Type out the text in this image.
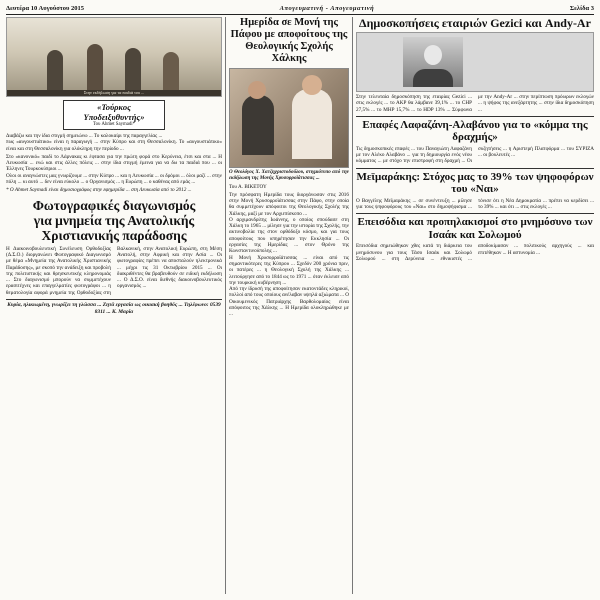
Δευτέρα 10 Αυγούστου 2015	Απογευματινή - Απογευματινή	Σελίδα 3
Στην εκδήλωση για τα παιδιά του ...
«Τούρκος Υποδειξυθυντής»
Του Ahmet Saymadi*
Διαβάζω και την ίδια στιγμή σημειώνω ... Το καλοκαίρι της παραγγελίας ...
πως «αυγουστιάτικο» είναι η παραγωγή ... στην Κύπρο και στη Θεσσαλονίκη. Το «αυγουστιάτικο» είναι και στη Θεσσαλονίκη για ολόκληρη την περίοδο ...
Στο «κανονικό» παιδί το Λάρνακας κι έφτασα για την πρώτη φορά στο Κερύνεια, έτσι και στα ... Η Λευκωσία ... ενώ και στις άλλες πόλεις ... στην ίδια στιγμή έμεινα για να δω τα παιδιά που ... οι Έλληνες Τουρκοκύπριοι ...
Ολοι οι αναγνώστες μας γνωρίζουμε ... στην Κύπρο ... και η Λευκωσία ... οι δρόμοι ... όλοι μαζί ... στην πόλη ... κι αυτό ... δεν είναι εύκολο ... ο Οργανισμός ... η Ευρώπη ... ο καθένας από εμάς ...
* Ο Ahmet Saymadi είναι δημοσιογράφος στην εφημερίδα ... στη Λευκωσία από το 2012 ...
Φωτογραφικές διαγωνισμός
για μνημεία της Ανατολικής Χριστιανικής παράδοσης
Η Διακοινοβουλευτική Συνέλευση Ορθοδοξίας (Δ.Σ.Ο.) διοργανώνει Φωτογραφικό Διαγωνισμό με θέμα «Μνημεία της Ανατολικής Χριστιανικής Παράδοσης», με σκοπό την ανάδειξη και προβολή της πολιτιστικής και θρησκευτικής κληρονομιάς ... Στο διαγωνισμό μπορούν να συμμετέχουν ερασιτέχνες και επαγγελματίες φωτογράφοι ... η θεματολογία αφορά μνημεία της Ορθοδοξίας στη Βαλκανική, στην Ανατολική Ευρώπη, στη Μέση Ανατολή, στην Αφρική και στην Ασία ... Οι φωτογραφίες πρέπει να αποσταλούν ηλεκτρονικά ... μέχρι τις 31 Οκτωβρίου 2015 ... Οι διακριθέντες θα βραβευθούν σε ειδική εκδήλωση ... Ο Δ.Σ.Ο. είναι διεθνής διακοινοβουλευτικός οργανισμός ...
Κυρία, ηλικιωμένη, γνωρίζει τη γλώσσα ... Ζητά εργασία ως οικιακή βοηθός ... Τηλέφωνο: 0539 8311 ... Κ. Μαρία
Ημερίδα σε Μονή της Πάφου με αποφοίτους της Θεολογικής Σχολής Χάλκης
Ο Θεολόγος Χ. Χατζηχριστοδούλου, στιγμιότυπο από την εκδήλωση της Μονής Χρυσορροϊάτισσας ...
Του Α. ΒΙΚΕΤΟΥ
Την πρόσφατη Ημερίδα τους διοργάνωσαν στις 2016 στην Μονή Χρυσορροϊάτισσας στην Πάφο, στην οποία θα συμμετέχουν απόφοιτοι της Θεολογικής Σχολής της Χάλκης, μαζί με τον Αρχιεπίσκοπο ...
Ο αρχιμανδρίτης Ιωάννης, ο οποίος σπούδασε στη Χάλκη το 1965 ... μίλησε για την ιστορία της Σχολής, την ακτινοβολία της στον ορθόδοξο κόσμο, και για τους αποφοίτους που υπηρέτησαν την Εκκλησία ... Οι εργασίες της Ημερίδας ... στον Θρόνο της Κωνσταντινούπολης ...
Η Μονή Χρυσορροϊάτισσας ... είναι από τις σημαντικότερες της Κύπρου ... Σχεδόν 200 χρόνια πριν, οι πατέρες ... η Θεολογική Σχολή της Χάλκης ... λειτούργησε από το 1844 ως το 1971 ... όταν έκλεισε από την τουρκική κυβέρνηση ...
Από την ίδρυσή της αποφοίτησαν εκατοντάδες κληρικοί, πολλοί από τους οποίους ανέλαβαν υψηλά αξιώματα ... Ο Οικουμενικός Πατριάρχης Βαρθολομαίος είναι απόφοιτος της Χάλκης ... Η Ημερίδα ολοκληρώθηκε με ...
Δημοσκοπήσεις εταιριών Gezici και Andy-Ar
Στην τελευταία δημοσκόπηση της εταιρίας Gezici ... στις εκλογές ... το ΑΚΡ θα λάμβανε 39,1% ... το CHP 27,5% ... το MHP 15,7% ... το HDP 13% ... Σύμφωνα με την Andy-Ar ... στην περίπτωση πρόωρων εκλογών ... η ψήφος της ανεξάρτητης ... στην ίδια δημοσκόπηση ...
Επαφές Λαφαζάνη-Αλαβάνου για το «κόμμα της δραχμής»
Τις δημοσκοπικές επαφές ... του Παναγιώτη Λαφαζάνη με τον Αλέκο Αλαβάνο ... για τη δημιουργία ενός νέου κόμματος ... με στόχο την επιστροφή στη δραχμή ... Οι συζητήσεις ... η Αριστερή Πλατφόρμα ... του ΣΥΡΙΖΑ ... οι βουλευτές ...
Μεϊμαράκης: Στόχος μας το 39% των ψηφοφόρων του «Ναι»
Ο Βαγγέλης Μεϊμαράκης ... σε συνέντευξη ... μίλησε για τους ψηφοφόρους του «Ναι» στο δημοψήφισμα ... τόνισε ότι η Νέα Δημοκρατία ... πρέπει να κερδίσει ... το 39% ... και ότι ... στις εκλογές ...
Επεισόδια και προπηλακισμοί στο μνημόσυνο των Ισαάκ και Σολωμού
Επεισόδια σημειώθηκαν χθες κατά τη διάρκεια του μνημόσυνου για τους Τάσο Ισαάκ και Σολωμό Σολωμού ... στη Δερύνεια ... εθνικιστές ... αποδοκίμασαν ... πολιτικούς αρχηγούς ... και επιτέθηκαν ... Η αστυνομία ...
